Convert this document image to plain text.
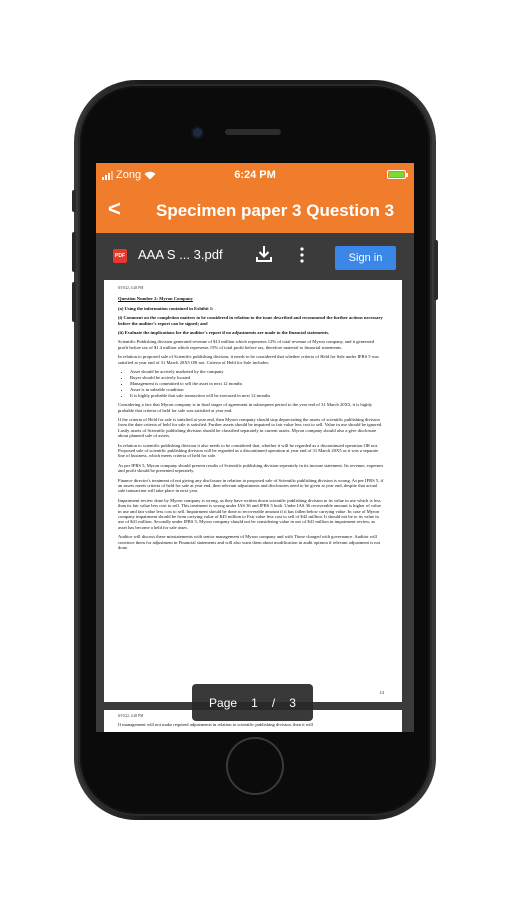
Zong	6:24 PM
< Specimen paper 3 Question 3
PDF AAA S ... 3.pdf	Sign in
8/19/22, 4:28 PM

Question Number 2: Myron Company

(a) Using the information contained in Exhibit 1:

(i) Comment on the completion matters to be considered in relation to the issue described and recommend the further actions necessary before the auditor's report can be signed; and

(ii) Evaluate the implications for the auditor's report if no adjustments are made to the financial statements.

Scientific Publishing division generated revenue of $13 million which represents 12% of total revenue of Myron company, and it generated profit before tax of $1.4 million which represents 15% of total profit before tax, therefore material to financial statements.

In relation to proposed sale of Scientific publishing division, it needs to be considered that whether criteria of Held for Sale under IFRS 5 was satisfied at year end of 31 March 20X5 OR not. Criteria of Held for Sale includes:

• Asset should be actively marketed by the company
• Buyer should be actively located
• Management is committed to sell the asset in next 12 months
• Asset is in saleable condition
• It is highly probable that sale transaction will be executed in next 12 months

Considering a fact that Myron company is in final stages of agreement in subsequent period to the year end of 31 March 20X5, it is highly probable that criteria of held for sale was satisfied at year end.

If the criteria of Held for sale is satisfied at year end, then Myron company should stop depreciating the assets of scientific publishing division from the date criteria of held for sale is satisfied. Further assets should be impaired to fair value less cost to sell. Value in use should be ignored. Lastly assets of Scientific publishing division should be classified separately in current assets. Myron company should also a give disclosure about planned sale of assets.

In relation to scientific publishing division it also needs to be considered that, whether it will be regarded as a discontinued operation OR not. Proposed sale of scientific publishing division will be regarded as a discontinued operation at year end of 31 March 20X5 as it was a separate line of business, which meets criteria of held for sale.

As per IFRS 5, Myron company should present results of Scientific publishing division seperately in its income statement. Its revenue, expenses and profit should be presented seperately.

Finance director's treatment of not giving any disclosure in relation to proposed sale of Scientific publishing division is wrong. As per IFRS 5, if an assets meets criteria of held for sale at year end, then relevant adjustments and disclosures need to be given at year end, despite that actual sale transaction will take place in next year.

Impairment review done by Myron company is wrong, as they have written down scientific publishing division to its value in use which is less than its fair value less cost to sell. This treatment is wrong under IAS 36 and IFRS 5 both. Under IAS 36 recoverable amount is higher of value in use and fair value less cost to sell. Impairment should be done to recoverable amount if it has fallen below carrying value. In case of Myron company impairment should be from carrying value of $45 million to Fair value less cost to sell of $42 million. It should not be to its value in use of $41 million. Secondly under IFRS 5, Myron company should not be considering value in use of $41 million in impairment review, as asset has become a held for sale asset.

Auditor will discuss these misstatements with senior management of Myron company and with Those charged with governance. Auditor will convince them for adjustment in Financial statements and will also warn them about modification in audit opinion if relevant adjustment is not done.

1/4
8/19/22, 4:28 PM

If management will not make required adjustments in relation to scientific publishing division, then it will

Page 1 / 3
